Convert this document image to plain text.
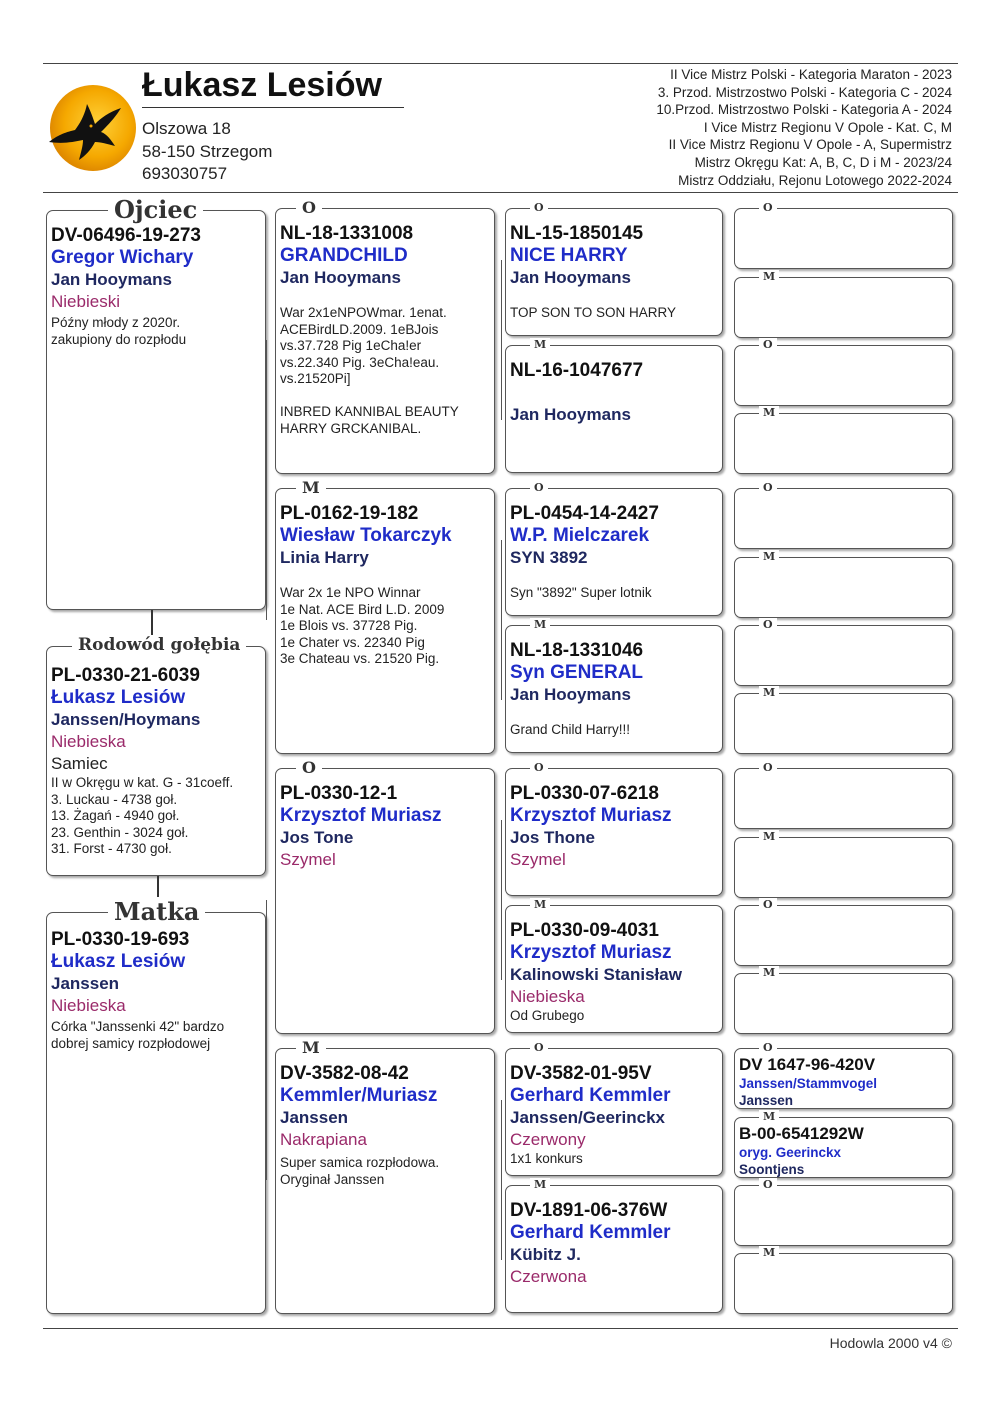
Łukasz Lesiów
Olszowa 18
58-150 Strzegom
693030757
II Vice Mistrz Polski - Kategoria Maraton - 2023
3. Przod. Mistrzostwo Polski - Kategoria C - 2024
10.Przod. Mistrzostwo Polski - Kategoria A - 2024
I Vice Mistrz Regionu V Opole - Kat. C, M
II Vice Mistrz Regionu V Opole - A, Supermistrz
Mistrz Okręgu Kat: A, B, C, D i M - 2023/24
Mistrz Oddziału, Rejonu Lotowego 2022-2024
DV-06496-19-273
Gregor Wichary
Jan Hooymans
Niebieski
Późny młody z 2020r.
zakupiony do rozpłodu
Ojciec
PL-0330-21-6039
Łukasz Lesiów
Janssen/Hoymans
Niebieska
Samiec
II w Okręgu w kat. G - 31coeff.
3. Luckau - 4738 goł.
13. Żagań - 4940 goł.
23. Genthin - 3024 goł.
31. Forst - 4730 goł.
Rodowód gołębia
PL-0330-19-693
Łukasz Lesiów
Janssen
Niebieska
Córka "Janssenki 42" bardzo
dobrej samicy rozpłodowej
Matka
O
NL-18-1331008
GRANDCHILD
Jan Hooymans
War 2x1eNPOWmar. 1enat.
ACEBirdLD.2009. 1eBJois
vs.37.728 Pig 1eCha!er
vs.22.340 Pig. 3eCha!eau.
vs.21520Pi]

INBRED KANNIBAL BEAUTY
HARRY GRCKANIBAL.
M
PL-0162-19-182
Wiesław Tokarczyk
Linia Harry
War 2x 1e NPO Winnar
1e Nat. ACE Bird L.D. 2009
1e Blois vs. 37728 Pig.
1e Chater vs. 22340 Pig
3e Chateau vs. 21520 Pig.
O
PL-0330-12-1
Krzysztof Muriasz
Jos Tone
Szymel
M
DV-3582-08-42
Kemmler/Muriasz
Janssen
Nakrapiana
Super samica rozpłodowa.
Oryginał Janssen
O
NL-15-1850145
NICE HARRY
Jan Hooymans
TOP SON TO SON HARRY
M
NL-16-1047677
Jan Hooymans
O
PL-0454-14-2427
W.P. Mielczarek
SYN 3892
Syn "3892" Super lotnik
M
NL-18-1331046
Syn GENERAL
Jan Hooymans
Grand Child Harry!!!
O
PL-0330-07-6218
Krzysztof Muriasz
Jos Thone
Szymel
M
PL-0330-09-4031
Krzysztof Muriasz
Kalinowski Stanisław
Niebieska
Od Grubego
O
DV-3582-01-95V
Gerhard Kemmler
Janssen/Geerinckx
Czerwony
1x1 konkurs
M
DV-1891-06-376W
Gerhard Kemmler
Kübitz J.
Czerwona
O
M
O
M
O
M
O
M
O
M
O
M
O
DV 1647-96-420V
Janssen/Stammvogel
Janssen
M
B-00-6541292W
oryg. Geerinckx
Soontjens
O
M
Hodowla 2000 v4 ©
